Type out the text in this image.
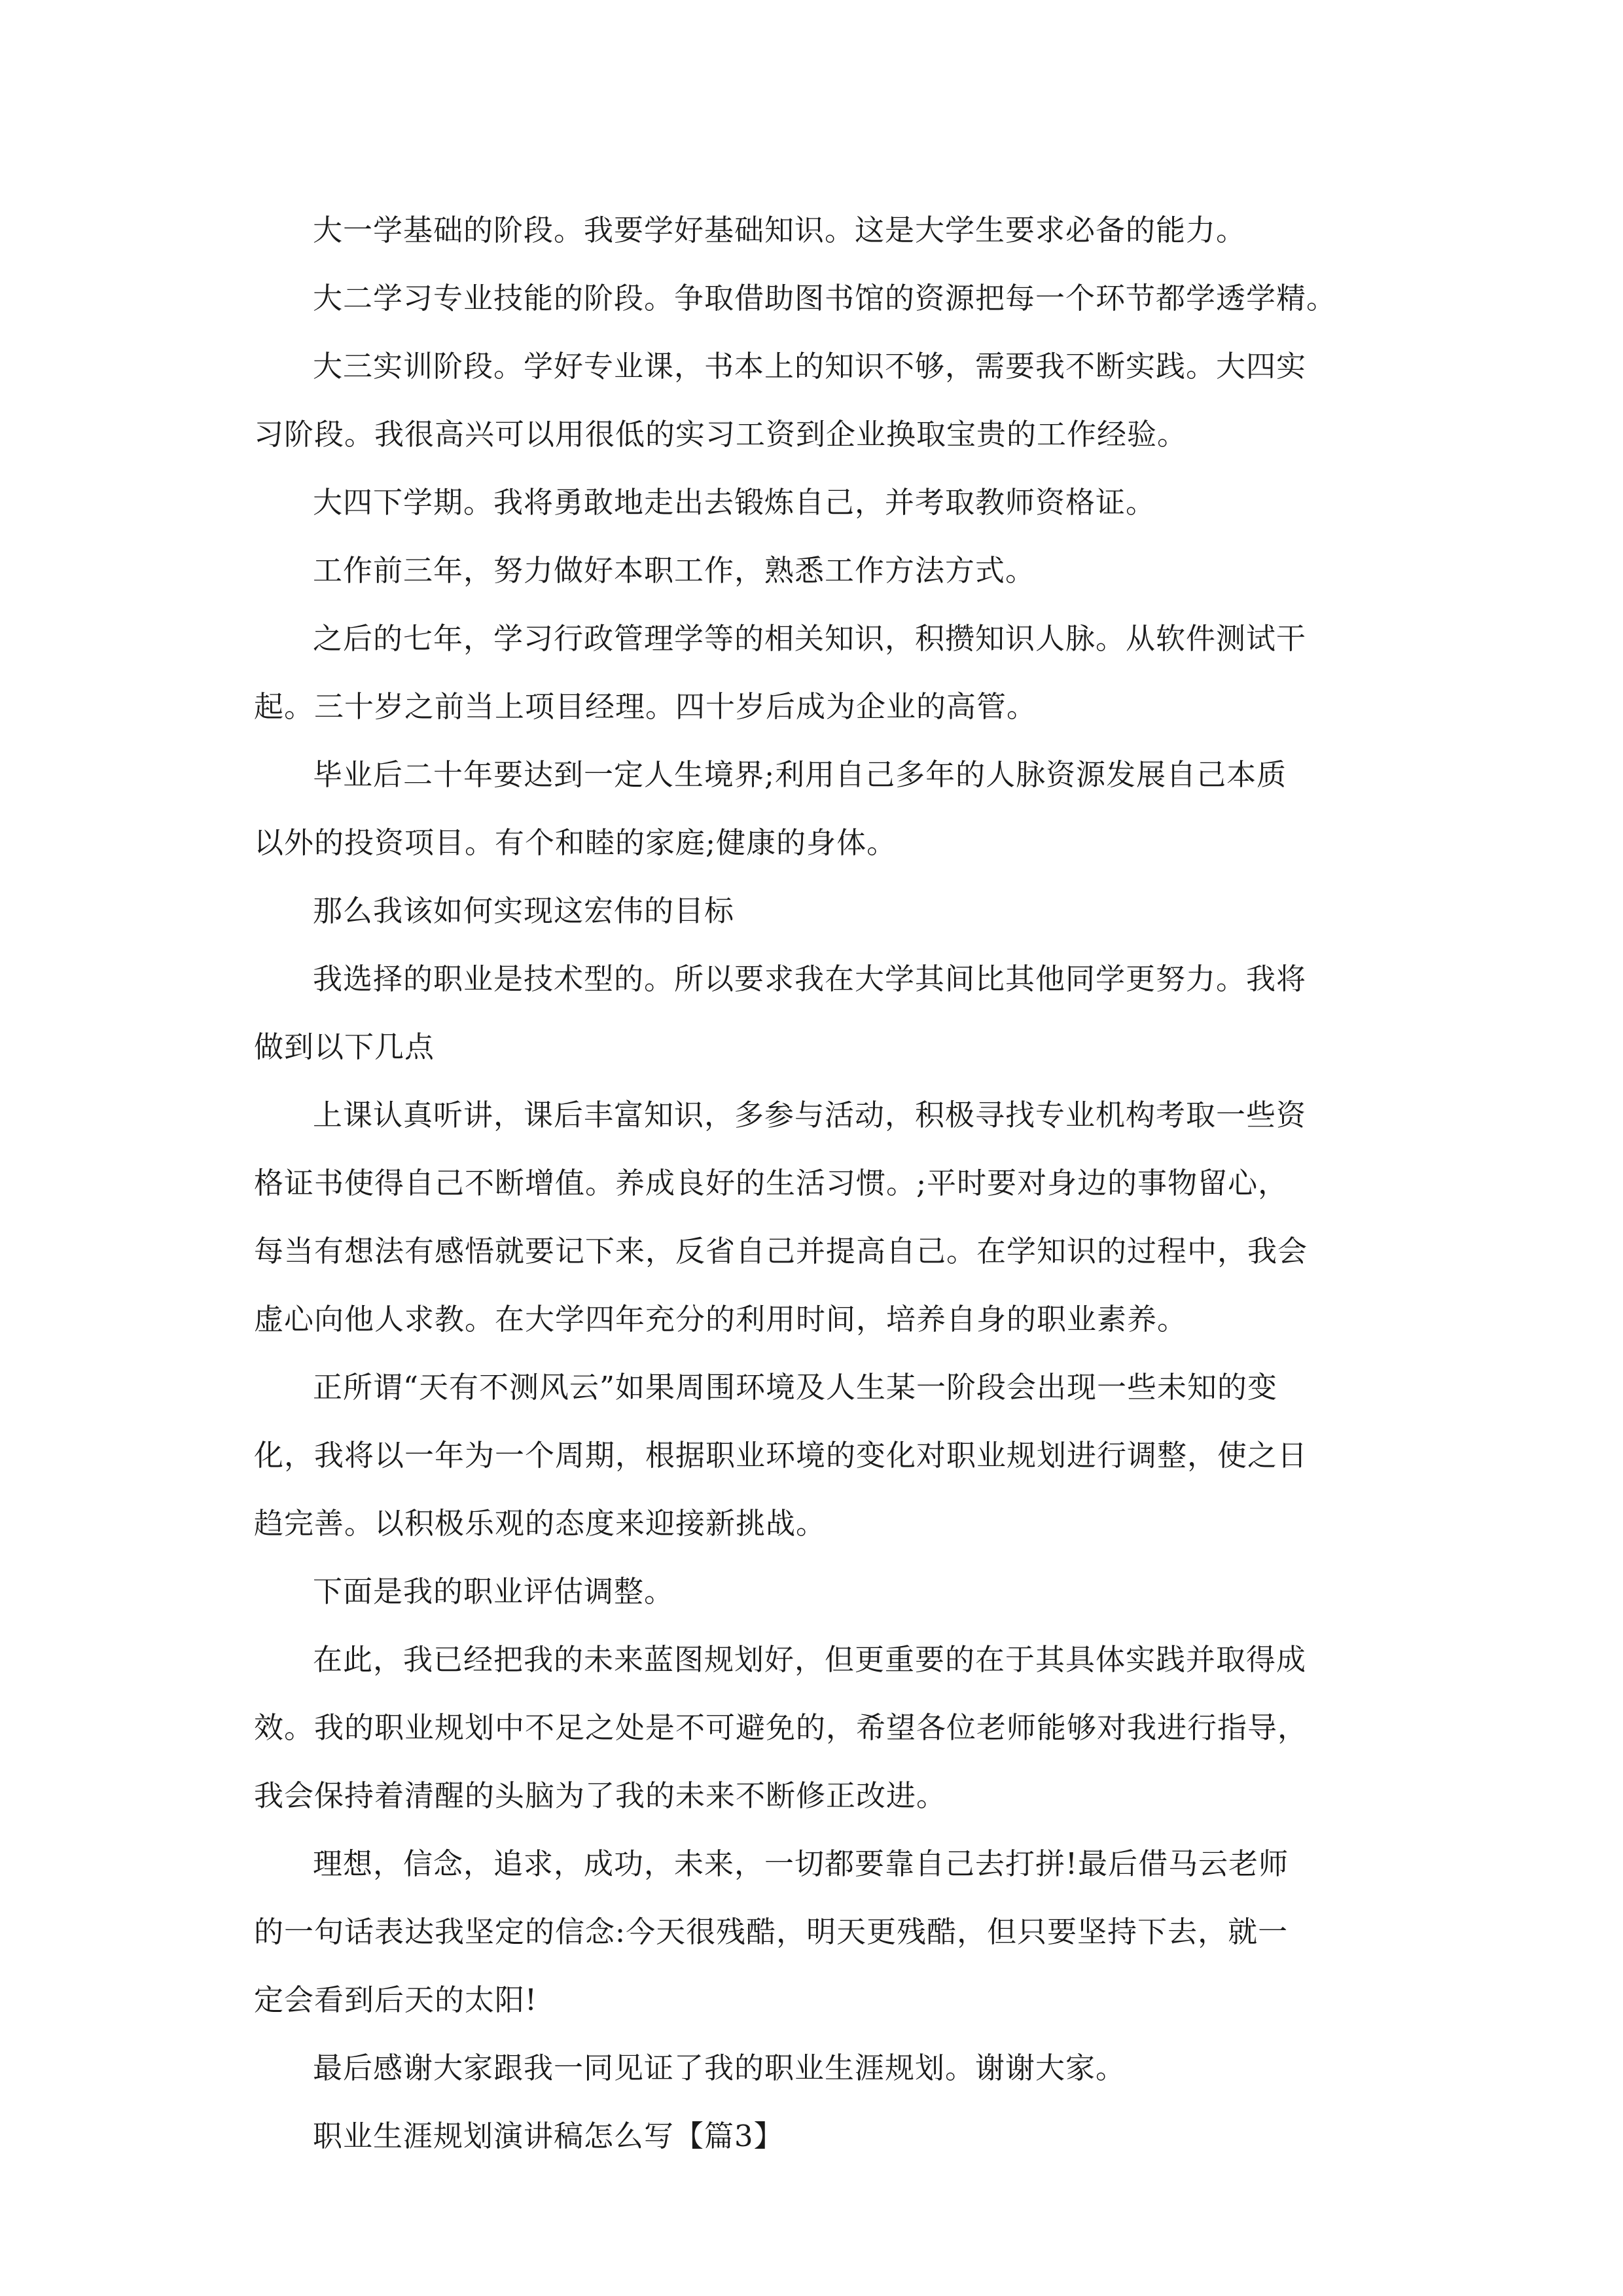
大一学基础的阶段。我要学好基础知识。这是大学生要求必备的能力。
大二学习专业技能的阶段。争取借助图书馆的资源把每一个环节都学透学精。
大三实训阶段。学好专业课，书本上的知识不够，需要我不断实践。大四实
习阶段。我很高兴可以用很低的实习工资到企业换取宝贵的工作经验。
大四下学期。我将勇敢地走出去锻炼自己，并考取教师资格证。
工作前三年，努力做好本职工作，熟悉工作方法方式。
之后的七年，学习行政管理学等的相关知识，积攒知识人脉。从软件测试干
起。三十岁之前当上项目经理。四十岁后成为企业的高管。
毕业后二十年要达到一定人生境界;利用自己多年的人脉资源发展自己本质
以外的投资项目。有个和睦的家庭;健康的身体。
那么我该如何实现这宏伟的目标
我选择的职业是技术型的。所以要求我在大学其间比其他同学更努力。我将
做到以下几点
上课认真听讲，课后丰富知识，多参与活动，积极寻找专业机构考取一些资
格证书使得自己不断增值。养成良好的生活习惯。;平时要对身边的事物留心，
每当有想法有感悟就要记下来，反省自己并提高自己。在学知识的过程中，我会
虚心向他人求教。在大学四年充分的利用时间，培养自身的职业素养。
正所谓“天有不测风云”如果周围环境及人生某一阶段会出现一些未知的变
化，我将以一年为一个周期，根据职业环境的变化对职业规划进行调整，使之日
趋完善。以积极乐观的态度来迎接新挑战。
下面是我的职业评估调整。
在此，我已经把我的未来蓝图规划好，但更重要的在于其具体实践并取得成
效。我的职业规划中不足之处是不可避免的，希望各位老师能够对我进行指导，
我会保持着清醒的头脑为了我的未来不断修正改进。
理想，信念，追求，成功，未来，一切都要靠自己去打拼!最后借马云老师
的一句话表达我坚定的信念:今天很残酷，明天更残酷，但只要坚持下去，就一
定会看到后天的太阳!
最后感谢大家跟我一同见证了我的职业生涯规划。谢谢大家。
职业生涯规划演讲稿怎么写【篇3】
